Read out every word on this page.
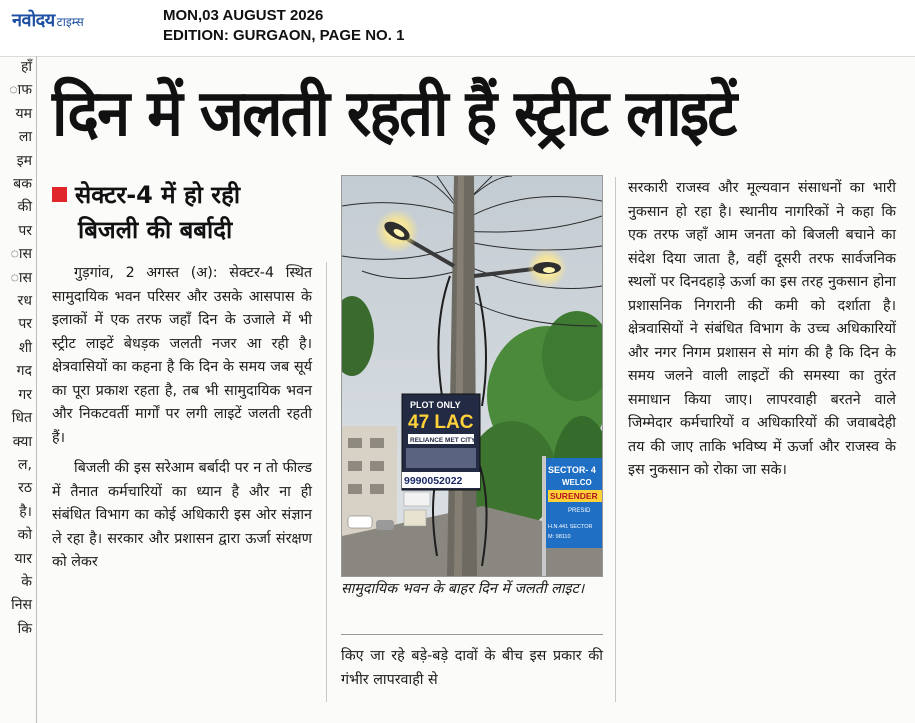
नवोदय टाइम्स	MON,03 AUGUST 2026
EDITION: GURGAON, PAGE NO. 1
हाँ
ाफ
यम
ला
इम
बक
की
पर
ास
ास
रध
पर
शी
गद
गर
धित
क्या
ल,
रठ
है।
को
यार
के
निस
कि
दिन में जलती रहती हैं स्ट्रीट लाइटें
सेक्टर-4 में हो रही
बिजली की बर्बादी

गुड़गांव, 2 अगस्त (अ): सेक्टर-4 स्थित सामुदायिक भवन परिसर और उसके आसपास के इलाकों में एक तरफ जहाँ दिन के उजाले में भी स्ट्रीट लाइटें बेधड़क जलती नजर आ रही है। क्षेत्रवासियों का कहना है कि दिन के समय जब सूर्य का पूरा प्रकाश रहता है, तब भी सामुदायिक भवन और निकटवर्ती मार्गों पर लगी लाइटें जलती रहती हैं।

बिजली की इस सरेआम बर्बादी पर न तो फील्ड में तैनात कर्मचारियों का ध्यान है और ना ही संबंधित विभाग का कोई अधिकारी इस ओर संज्ञान ले रहा है। सरकार और प्रशासन द्वारा ऊर्जा संरक्षण को लेकर

PLOT ONLY
47 LAC
RELIANCE MET CITY
9990052022
SECTOR- 4
WELCO
SURENDER
PRESID
H.N.441 SECTOR
M: 98110
सामुदायिक भवन के बाहर दिन में जलती लाइट।

किए जा रहे बड़े-बड़े दावों के बीच इस प्रकार की गंभीर लापरवाही से

सरकारी राजस्व और मूल्यवान संसाधनों का भारी नुकसान हो रहा है। स्थानीय नागरिकों ने कहा कि एक तरफ जहाँ आम जनता को बिजली बचाने का संदेश दिया जाता है, वहीं दूसरी तरफ सार्वजनिक स्थलों पर दिनदहाड़े ऊर्जा का इस तरह नुकसान होना प्रशासनिक निगरानी की कमी को दर्शाता है। क्षेत्रवासियों ने संबंधित विभाग के उच्च अधिकारियों और नगर निगम प्रशासन से मांग की है कि दिन के समय जलने वाली लाइटों की समस्या का तुरंत समाधान किया जाए। लापरवाही बरतने वाले जिम्मेदार कर्मचारियों व अधिकारियों की जवाबदेही तय की जाए ताकि भविष्य में ऊर्जा और राजस्व के इस नुकसान को रोका जा सके।
